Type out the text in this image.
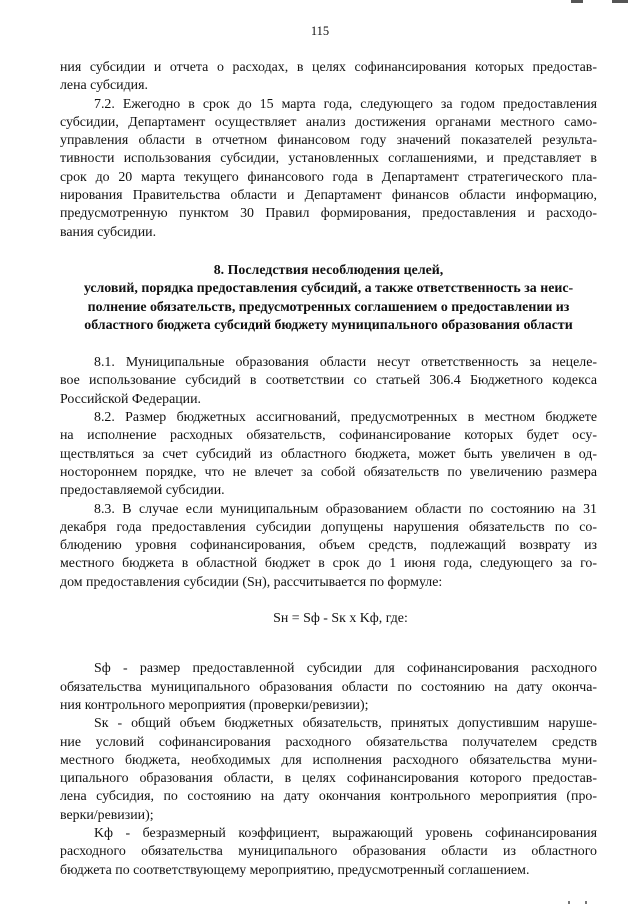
115

ния субсидии и отчета о расходах, в целях софинансирования которых предостав-
лена субсидия.

7.2. Ежегодно в срок до 15 марта года, следующего за годом предоставления
субсидии, Департамент осуществляет анализ достижения органами местного само-
управления области в отчетном финансовом году значений показателей результа-
тивности использования субсидии, установленных соглашениями, и представляет в
срок до 20 марта текущего финансового года в Департамент стратегического пла-
нирования Правительства области и Департамент финансов области информацию,
предусмотренную пунктом 30 Правил формирования, предоставления и расходо-
вания субсидии.

8. Последствия несоблюдения целей,
условий, порядка предоставления субсидий, а также ответственность за неис-
полнение обязательств, предусмотренных соглашением о предоставлении из
областного бюджета субсидий бюджету муниципального образования области

8.1. Муниципальные образования области несут ответственность за нецеле-
вое использование субсидий в соответствии со статьей 306.4 Бюджетного кодекса
Российской Федерации.

8.2. Размер бюджетных ассигнований, предусмотренных в местном бюджете
на исполнение расходных обязательств, софинансирование которых будет осу-
ществляться за счет субсидий из областного бюджета, может быть увеличен в од-
ностороннем порядке, что не влечет за собой обязательств по увеличению размера
предоставляемой субсидии.

8.3. В случае если муниципальным образованием области по состоянию на 31
декабря года предоставления субсидии допущены нарушения обязательств по со-
блюдению уровня софинансирования, объем средств, подлежащий возврату из
местного бюджета в областной бюджет в срок до 1 июня года, следующего за го-
дом предоставления субсидии (Sн), рассчитывается по формуле:

Sн = Sф - Sк x Kф, где:

Sф - размер предоставленной субсидии для софинансирования расходного
обязательства муниципального образования области по состоянию на дату оконча-
ния контрольного мероприятия (проверки/ревизии);

Sк - общий объем бюджетных обязательств, принятых допустившим наруше-
ние условий софинансирования расходного обязательства получателем средств
местного бюджета, необходимых для исполнения расходного обязательства муни-
ципального образования области, в целях софинансирования которого предостав-
лена субсидия, по состоянию на дату окончания контрольного мероприятия (про-
верки/ревизии);

Kф - безразмерный коэффициент, выражающий уровень софинансирования
расходного обязательства муниципального образования области из областного
бюджета по соответствующему мероприятию, предусмотренный соглашением.
